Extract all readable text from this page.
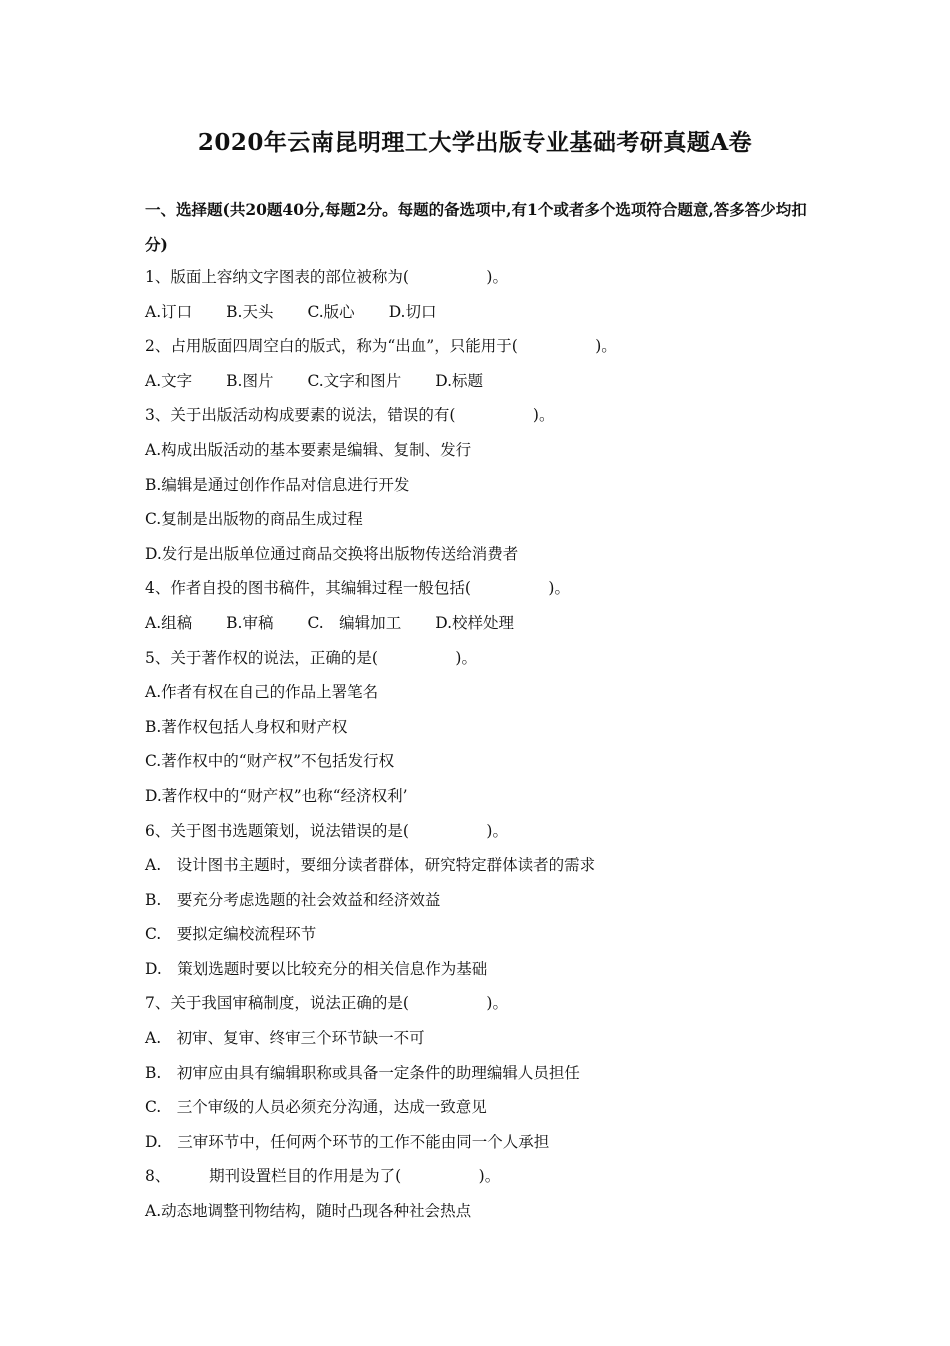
2020年云南昆明理工大学出版专业基础考研真题A卷

一、选择题(共20题40分,每题2分。每题的备选项中,有1个或者多个选项符合题意,答多答少均扣分)

1、版面上容纳文字图表的部位被称为(　　　　　)。
A.订口 B.天头 C.版心 D.切口
2、占用版面四周空白的版式，称为“出血”，只能用于(　　　　　)。
A.文字 B.图片 C.文字和图片 D.标题
3、关于出版活动构成要素的说法，错误的有(　　　　　)。
A.构成出版活动的基本要素是编辑、复制、发行
B.编辑是通过创作作品对信息进行开发
C.复制是出版物的商品生成过程
D.发行是出版单位通过商品交换将出版物传送给消费者
4、作者自投的图书稿件，其编辑过程一般包括(　　　　　)。
A.组稿 B.审稿 C.　编辑加工 D.校样处理
5、关于著作权的说法，正确的是(　　　　　)。
A.作者有权在自己的作品上署笔名
B.著作权包括人身权和财产权
C.著作权中的“财产权”不包括发行权
D.著作权中的“财产权”也称“经济权利’
6、关于图书选题策划，说法错误的是(　　　　　)。
A.　设计图书主题时，要细分读者群体，研究特定群体读者的需求
B.　要充分考虑选题的社会效益和经济效益
C.　要拟定编校流程环节
D.　策划选题时要以比较充分的相关信息作为基础
7、关于我国审稿制度，说法正确的是(　　　　　)。
A.　初审、复审、终审三个环节缺一不可
B.　初审应由具有编辑职称或具备一定条件的助理编辑人员担任
C.　三个审级的人员必须充分沟通，达成一致意见
D.　三审环节中，任何两个环节的工作不能由同一个人承担
8、　　　期刊设置栏目的作用是为了(　　　　　)。
A.动态地调整刊物结构，随时凸现各种社会热点
